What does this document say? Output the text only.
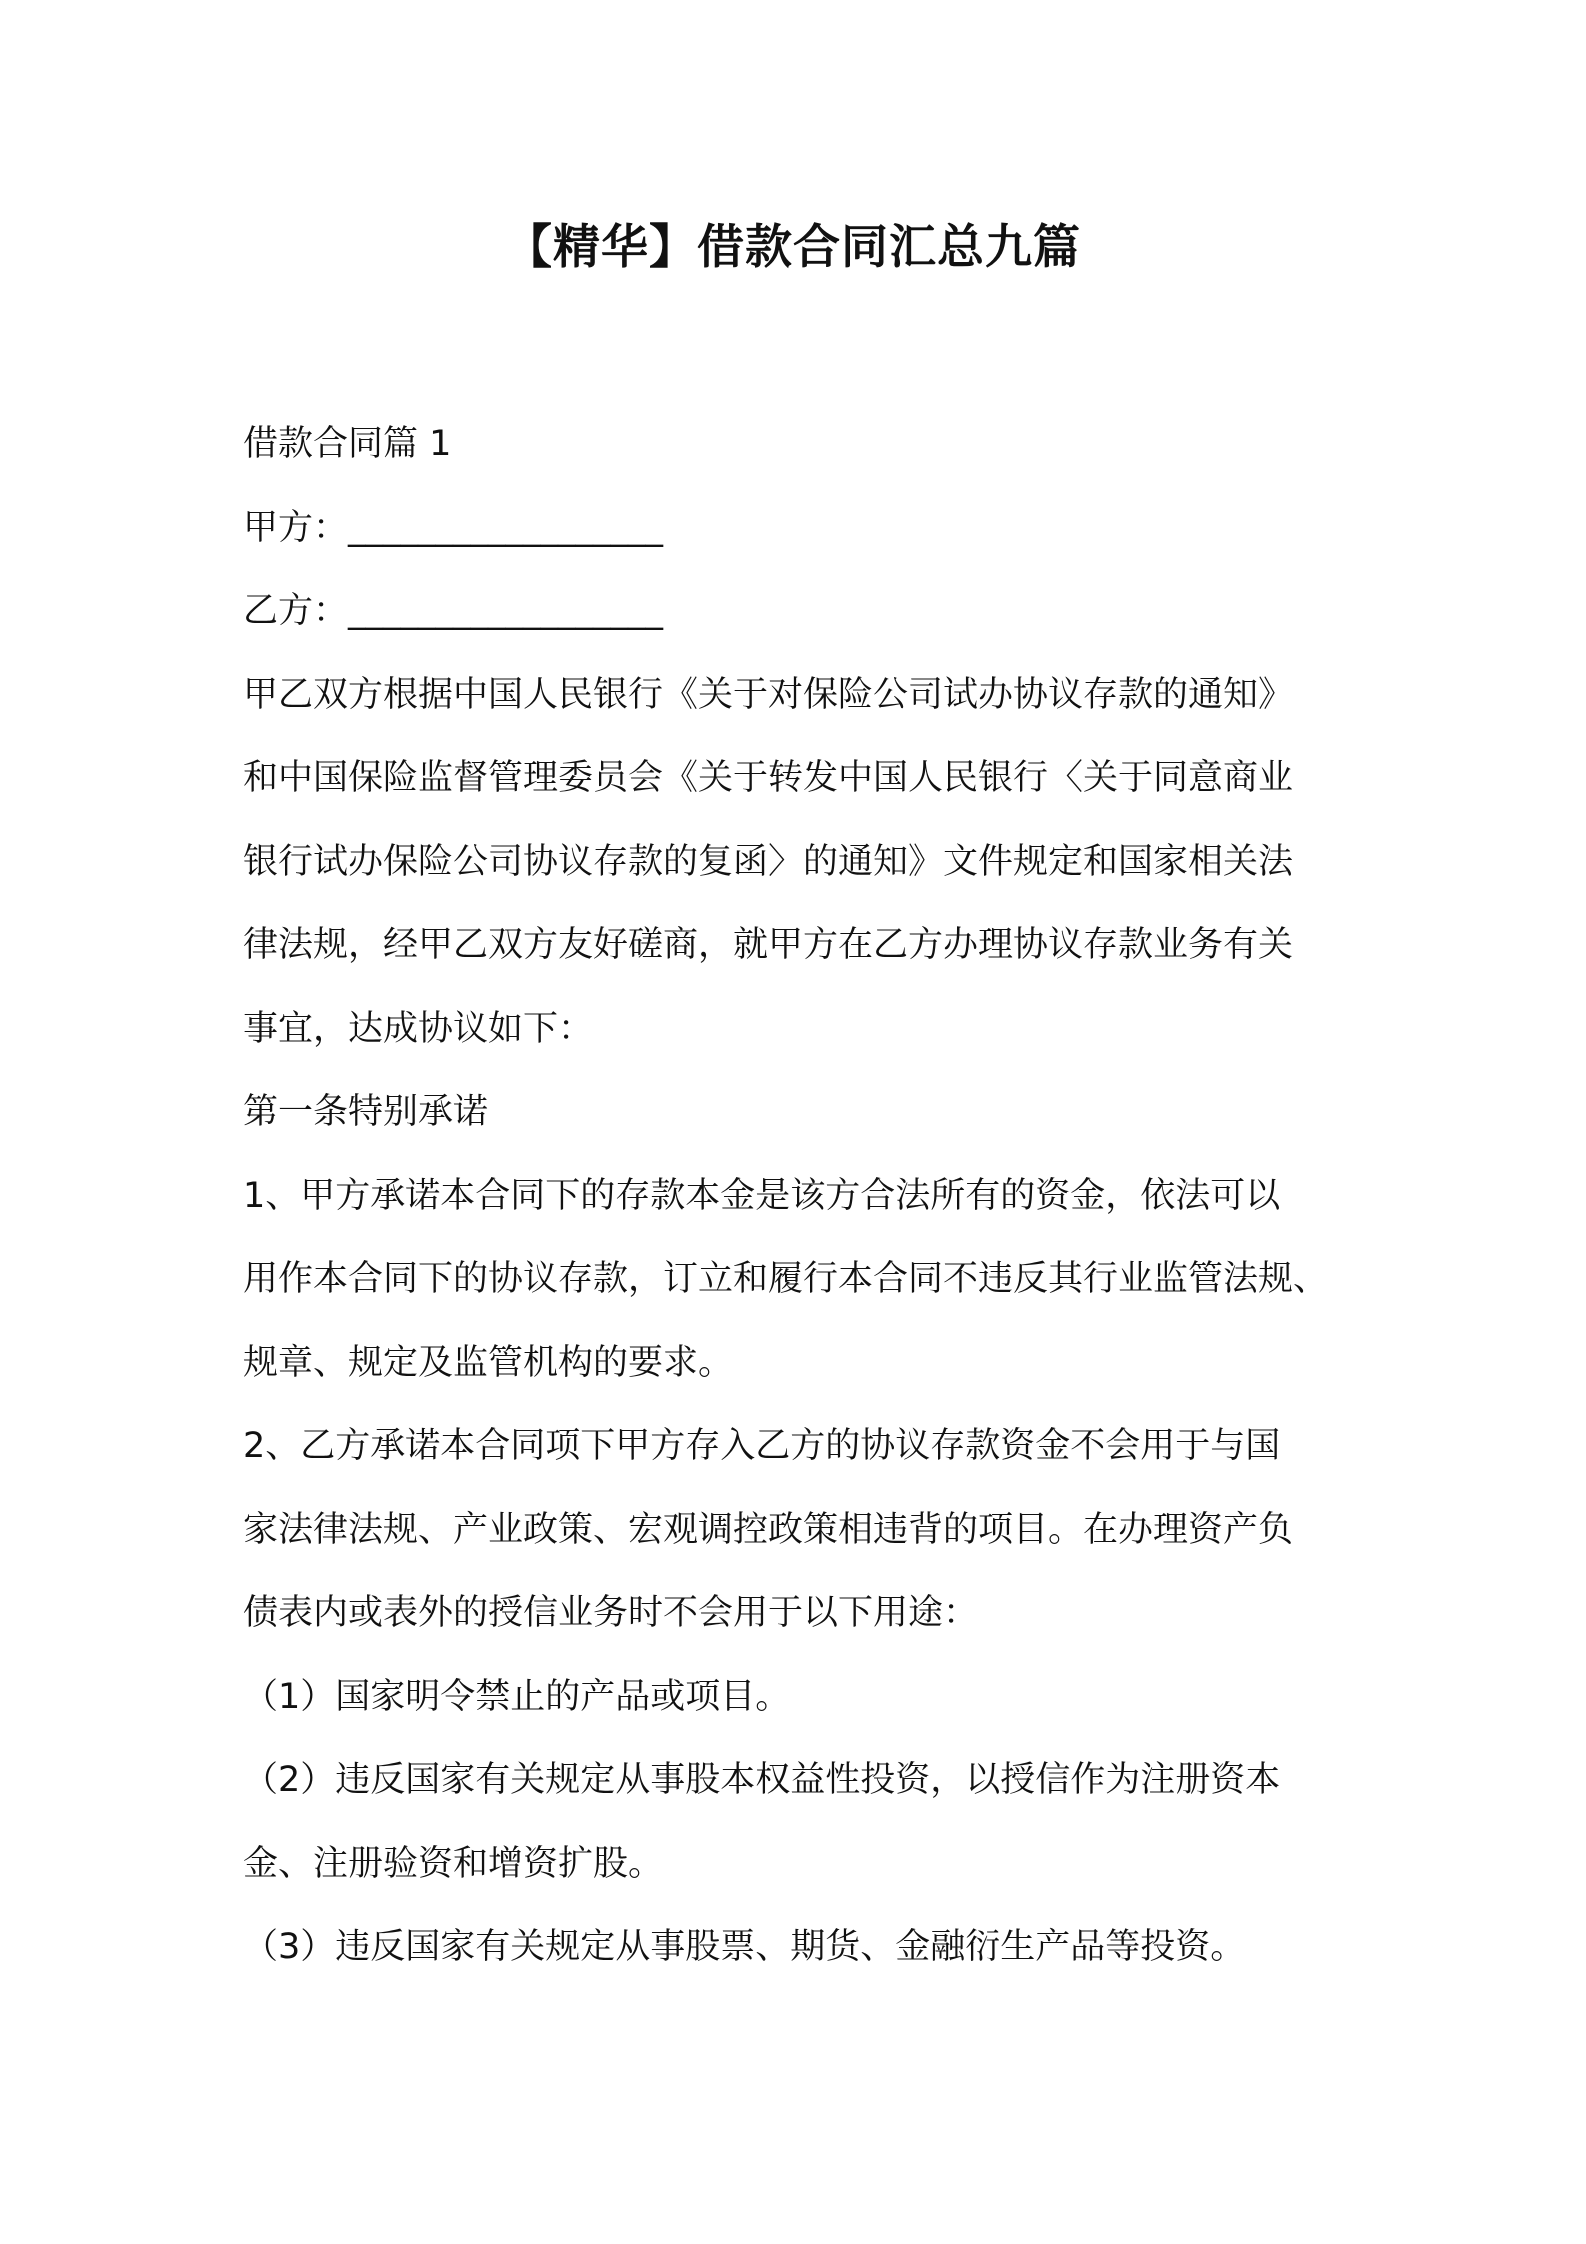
【精华】借款合同汇总九篇

借款合同篇 1

甲方：__________________

乙方：__________________

甲乙双方根据中国人民银行《关于对保险公司试办协议存款的通知》

和中国保险监督管理委员会《关于转发中国人民银行〈关于同意商业

银行试办保险公司协议存款的复函〉的通知》文件规定和国家相关法

律法规，经甲乙双方友好磋商，就甲方在乙方办理协议存款业务有关

事宜，达成协议如下：

第一条特别承诺

1、甲方承诺本合同下的存款本金是该方合法所有的资金，依法可以

用作本合同下的协议存款，订立和履行本合同不违反其行业监管法规、

规章、规定及监管机构的要求。

2、乙方承诺本合同项下甲方存入乙方的协议存款资金不会用于与国

家法律法规、产业政策、宏观调控政策相违背的项目。在办理资产负

债表内或表外的授信业务时不会用于以下用途：

（1）国家明令禁止的产品或项目。

（2）违反国家有关规定从事股本权益性投资，以授信作为注册资本

金、注册验资和增资扩股。

（3）违反国家有关规定从事股票、期货、金融衍生产品等投资。
